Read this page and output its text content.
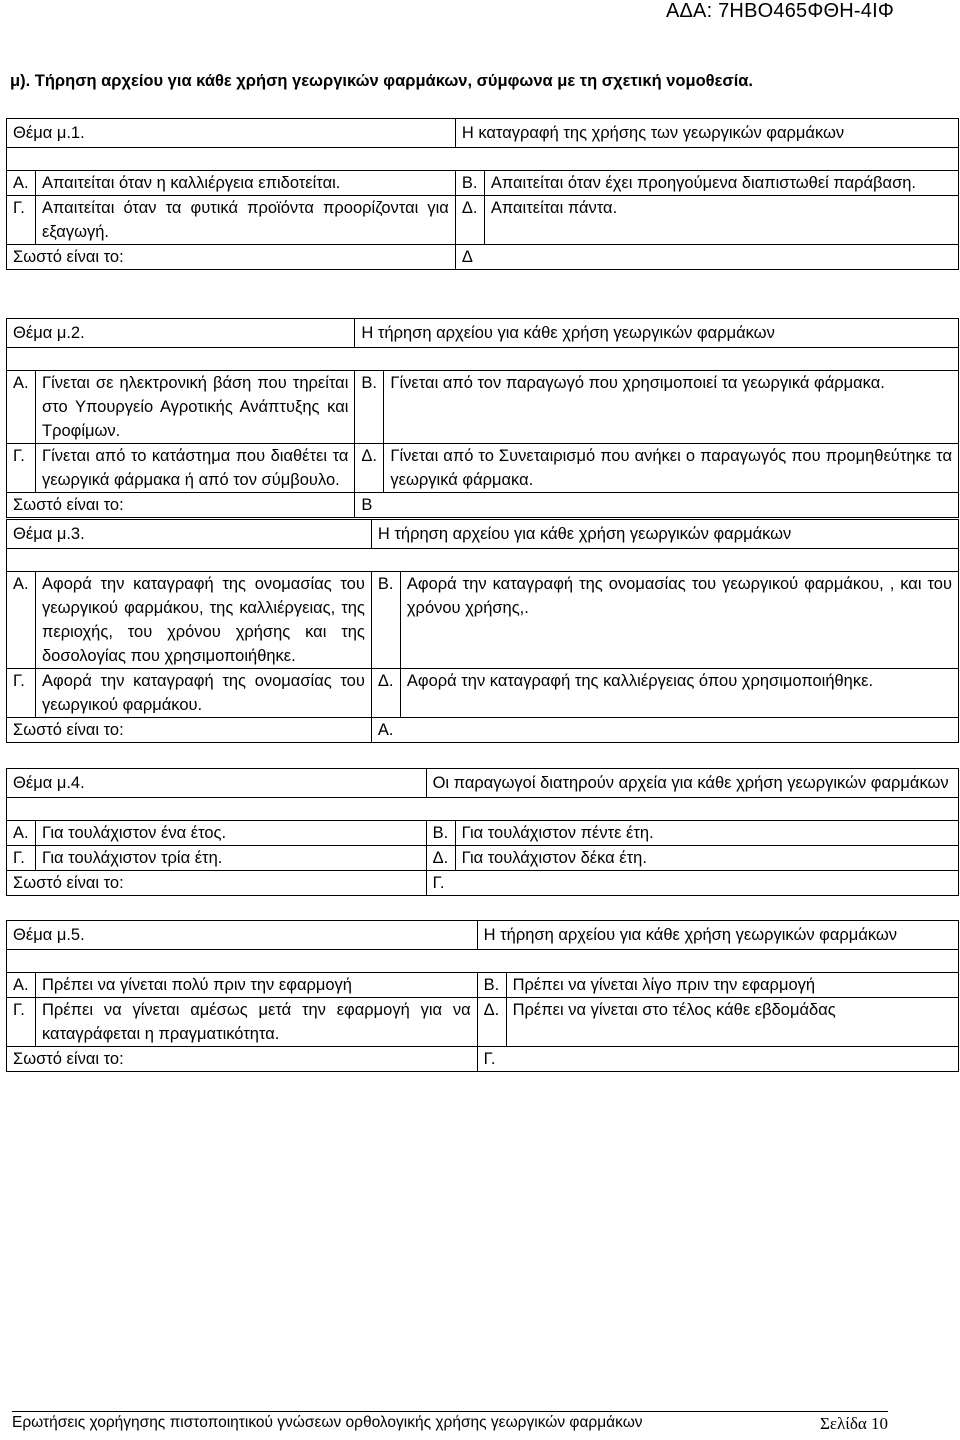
ΑΔΑ: 7ΗΒΟ465ΦΘΗ-4ΙΦ
μ). Τήρηση αρχείου για κάθε χρήση γεωργικών φαρμάκων, σύμφωνα με τη σχετική νομοθεσία.
Θέμα μ.1.		Η καταγραφή της χρήσης των γεωργικών φαρμάκων	

Α.	Απαιτείται όταν η καλλιέργεια επιδοτείται.	Β.	Απαιτείται όταν έχει προηγούμενα διαπιστωθεί παράβαση.
Γ.	Απαιτείται όταν τα φυτικά προϊόντα προορίζονται για εξαγωγή.	Δ.	Απαιτείται πάντα.
Σωστό είναι το:		Δ	
Θέμα μ.2.		Η τήρηση αρχείου για κάθε χρήση γεωργικών φαρμάκων	

Α.	Γίνεται σε ηλεκτρονική βάση που τηρείται στο Υπουργείο Αγροτικής Ανάπτυξης και Τροφίμων.	Β.	Γίνεται από τον παραγωγό που χρησιμοποιεί τα γεωργικά φάρμακα.
Γ.	Γίνεται από το κατάστημα που διαθέτει τα γεωργικά φάρμακα ή από τον σύμβουλο.	Δ.	Γίνεται από το Συνεταιρισμό που ανήκει ο παραγωγός που προμηθεύτηκε τα γεωργικά φάρμακα.
Σωστό είναι το:		Β	
Θέμα μ.3.		Η τήρηση αρχείου για κάθε χρήση γεωργικών φαρμάκων	

Α.	Αφορά την καταγραφή της ονομασίας του γεωργικού φαρμάκου, της καλλιέργειας, της περιοχής, του χρόνου χρήσης και της δοσολογίας που χρησιμοποιήθηκε.	Β.	Αφορά την καταγραφή της ονομασίας του γεωργικού φαρμάκου, , και του χρόνου χρήσης,.
Γ.	Αφορά την καταγραφή της ονομασίας του γεωργικού φαρμάκου.	Δ.	Αφορά την καταγραφή της καλλιέργειας όπου χρησιμοποιήθηκε.
Σωστό είναι το:		Α.	
Θέμα μ.4.		Οι παραγωγοί διατηρούν αρχεία για κάθε χρήση γεωργικών φαρμάκων	

Α.	Για τουλάχιστον ένα έτος.	Β.	Για τουλάχιστον πέντε έτη.
Γ.	Για τουλάχιστον τρία έτη.	Δ.	Για τουλάχιστον δέκα έτη.
Σωστό είναι το:		Γ.	
Θέμα μ.5.		Η τήρηση αρχείου για κάθε χρήση γεωργικών φαρμάκων	

Α.	Πρέπει να γίνεται πολύ πριν την εφαρμογή	Β.	Πρέπει να γίνεται λίγο πριν την εφαρμογή
Γ.	Πρέπει να γίνεται αμέσως μετά την εφαρμογή για να καταγράφεται η πραγματικότητα.	Δ.	Πρέπει να γίνεται στο τέλος κάθε εβδομάδας
Σωστό είναι το:		Γ.	
Ερωτήσεις χορήγησης πιστοποιητικού γνώσεων ορθολογικής χρήσης γεωργικών φαρμάκων	Σελίδα 10
